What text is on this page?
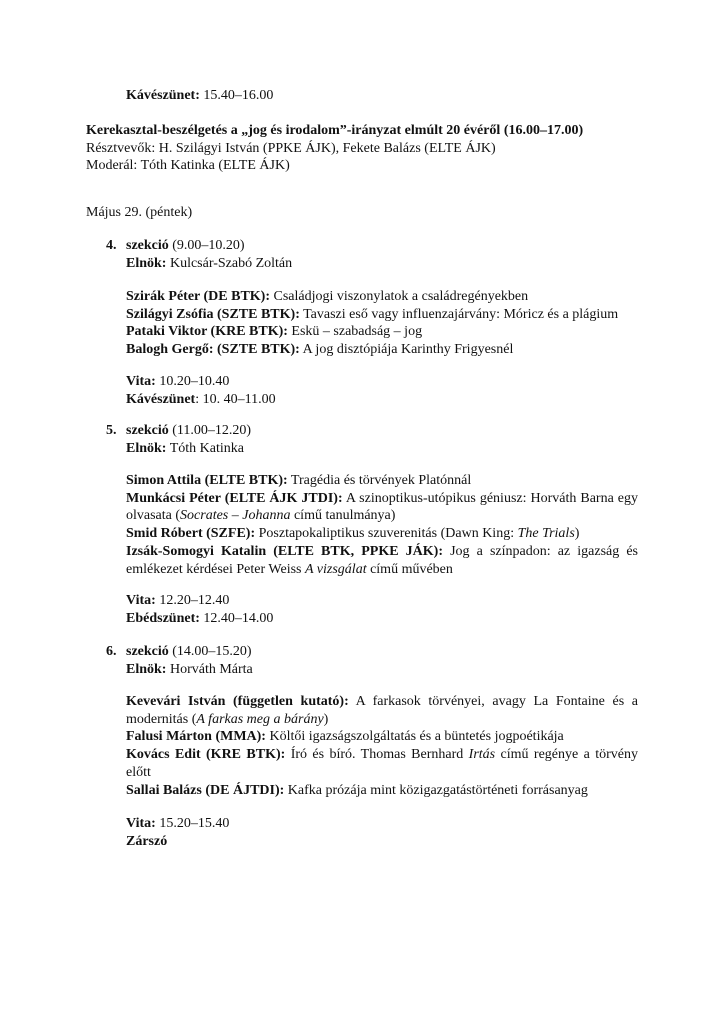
Kávészünet: 15.40–16.00
Kerekasztal-beszélgetés a „jog és irodalom”-irányzat elmúlt 20 évéről (16.00–17.00)
Résztvevők: H. Szilágyi István (PPKE ÁJK), Fekete Balázs (ELTE ÁJK)
Moderál: Tóth Katinka (ELTE ÁJK)
Május 29. (péntek)
4. szekció (9.00–10.20)
Elnök: Kulcsár-Szabó Zoltán

Szirák Péter (DE BTK): Családjogi viszonylatok a családregényekben

Szilágyi Zsófia (SZTE BTK): Tavaszi eső vagy influenzajárvány: Móricz és a plágium

Pataki Viktor (KRE BTK): Eskü – szabadság – jog

Balogh Gergő: (SZTE BTK): A jog disztópiája Karinthy Frigyesnél

Vita: 10.20–10.40
Kávészünet: 10. 40–11.00
5. szekció (11.00–12.20)
Elnök: Tóth Katinka

Simon Attila (ELTE BTK): Tragédia és törvények Platónnál

Munkácsi Péter (ELTE ÁJK JTDI): A szinoptikus-utópikus géniusz: Horváth Barna egy olvasata (Socrates – Johanna című tanulmánya)

Smid Róbert (SZFE): Posztapokaliptikus szuverenitás (Dawn King: The Trials)

Izsák-Somogyi Katalin (ELTE BTK, PPKE JÁK): Jog a színpadon: az igazság és emlékezet kérdései Peter Weiss A vizsgálat című művében

Vita: 12.20–12.40
Ebédszünet: 12.40–14.00
6. szekció (14.00–15.20)
Elnök: Horváth Márta

Kevevári István (független kutató): A farkasok törvényei, avagy La Fontaine és a modernitás (A farkas meg a bárány)

Falusi Márton (MMA): Költői igazságszolgáltatás és a büntetés jogpoétikája

Kovács Edit (KRE BTK): Író és bíró. Thomas Bernhard Irtás című regénye a törvény előtt

Sallai Balázs (DE ÁJTDI): Kafka prózája mint közigazgatástörténeti forrásanyag

Vita: 15.20–15.40
Zárszó
